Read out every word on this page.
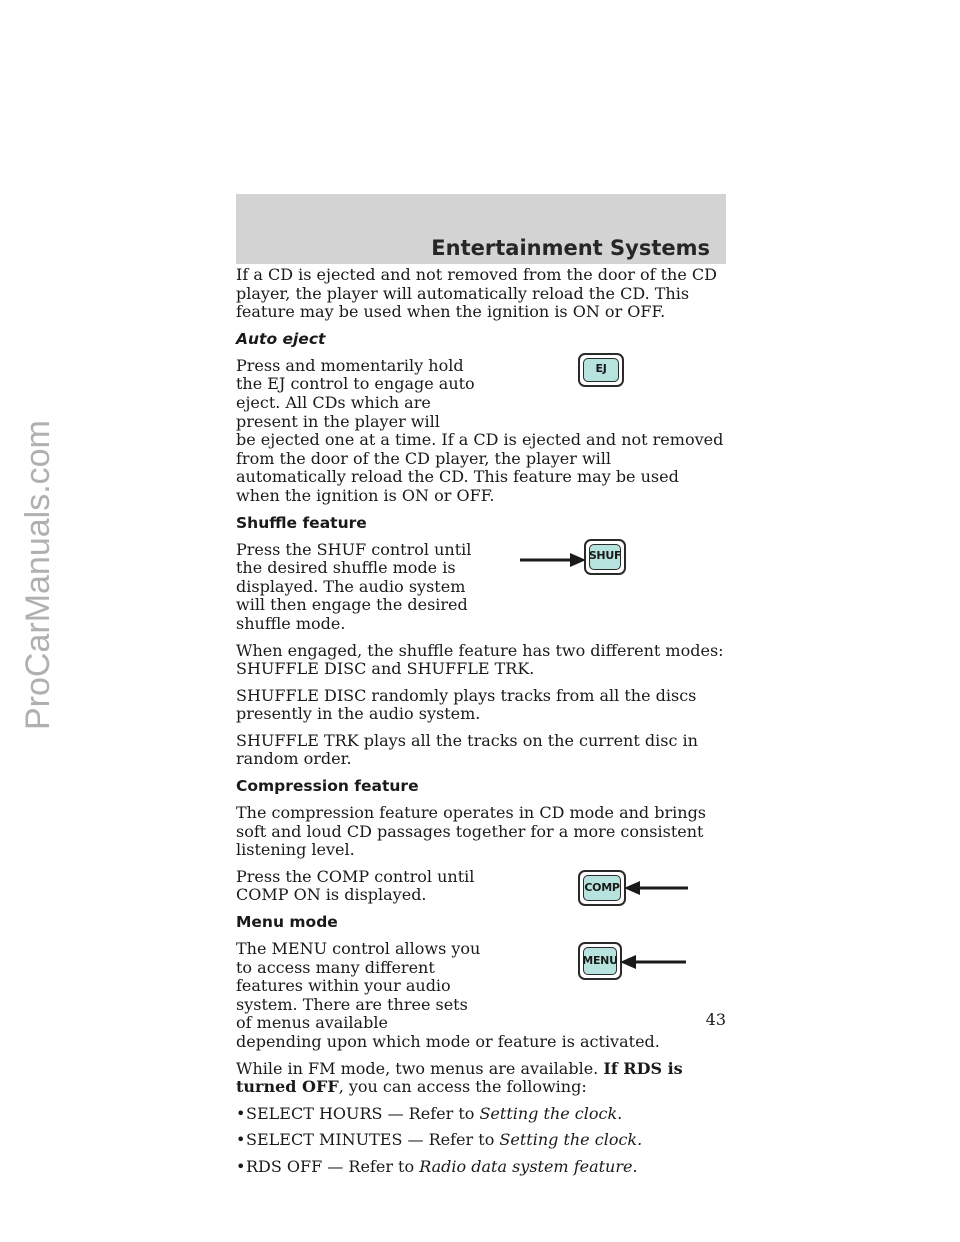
ProCarManuals.com
Entertainment Systems

If a CD is ejected and not removed from the door of the CD player, the player will automatically reload the CD. This feature may be used when the ignition is ON or OFF.

Auto eject

Press and momentarily hold the EJ control to engage auto eject. All CDs which are present in the player will

EJ

be ejected one at a time. If a CD is ejected and not removed from the door of the CD player, the player will automatically reload the CD. This feature may be used when the ignition is ON or OFF.

Shuffle feature

Press the SHUF control until the desired shuffle mode is displayed. The audio system will then engage the desired shuffle mode.

SHUF

When engaged, the shuffle feature has two different modes: SHUFFLE DISC and SHUFFLE TRK.

SHUFFLE DISC randomly plays tracks from all the discs presently in the audio system.

SHUFFLE TRK plays all the tracks on the current disc in random order.

Compression feature

The compression feature operates in CD mode and brings soft and loud CD passages together for a more consistent listening level.

Press the COMP control until COMP ON is displayed.	COMP
Menu mode

The MENU control allows you to access many different features within your audio system. There are three sets of menus available

MENU

depending upon which mode or feature is activated.

While in FM mode, two menus are available. If RDS is turned OFF, you can access the following:

•SELECT HOURS — Refer to Setting the clock.
•SELECT MINUTES — Refer to Setting the clock.
•RDS OFF — Refer to Radio data system feature.
43
